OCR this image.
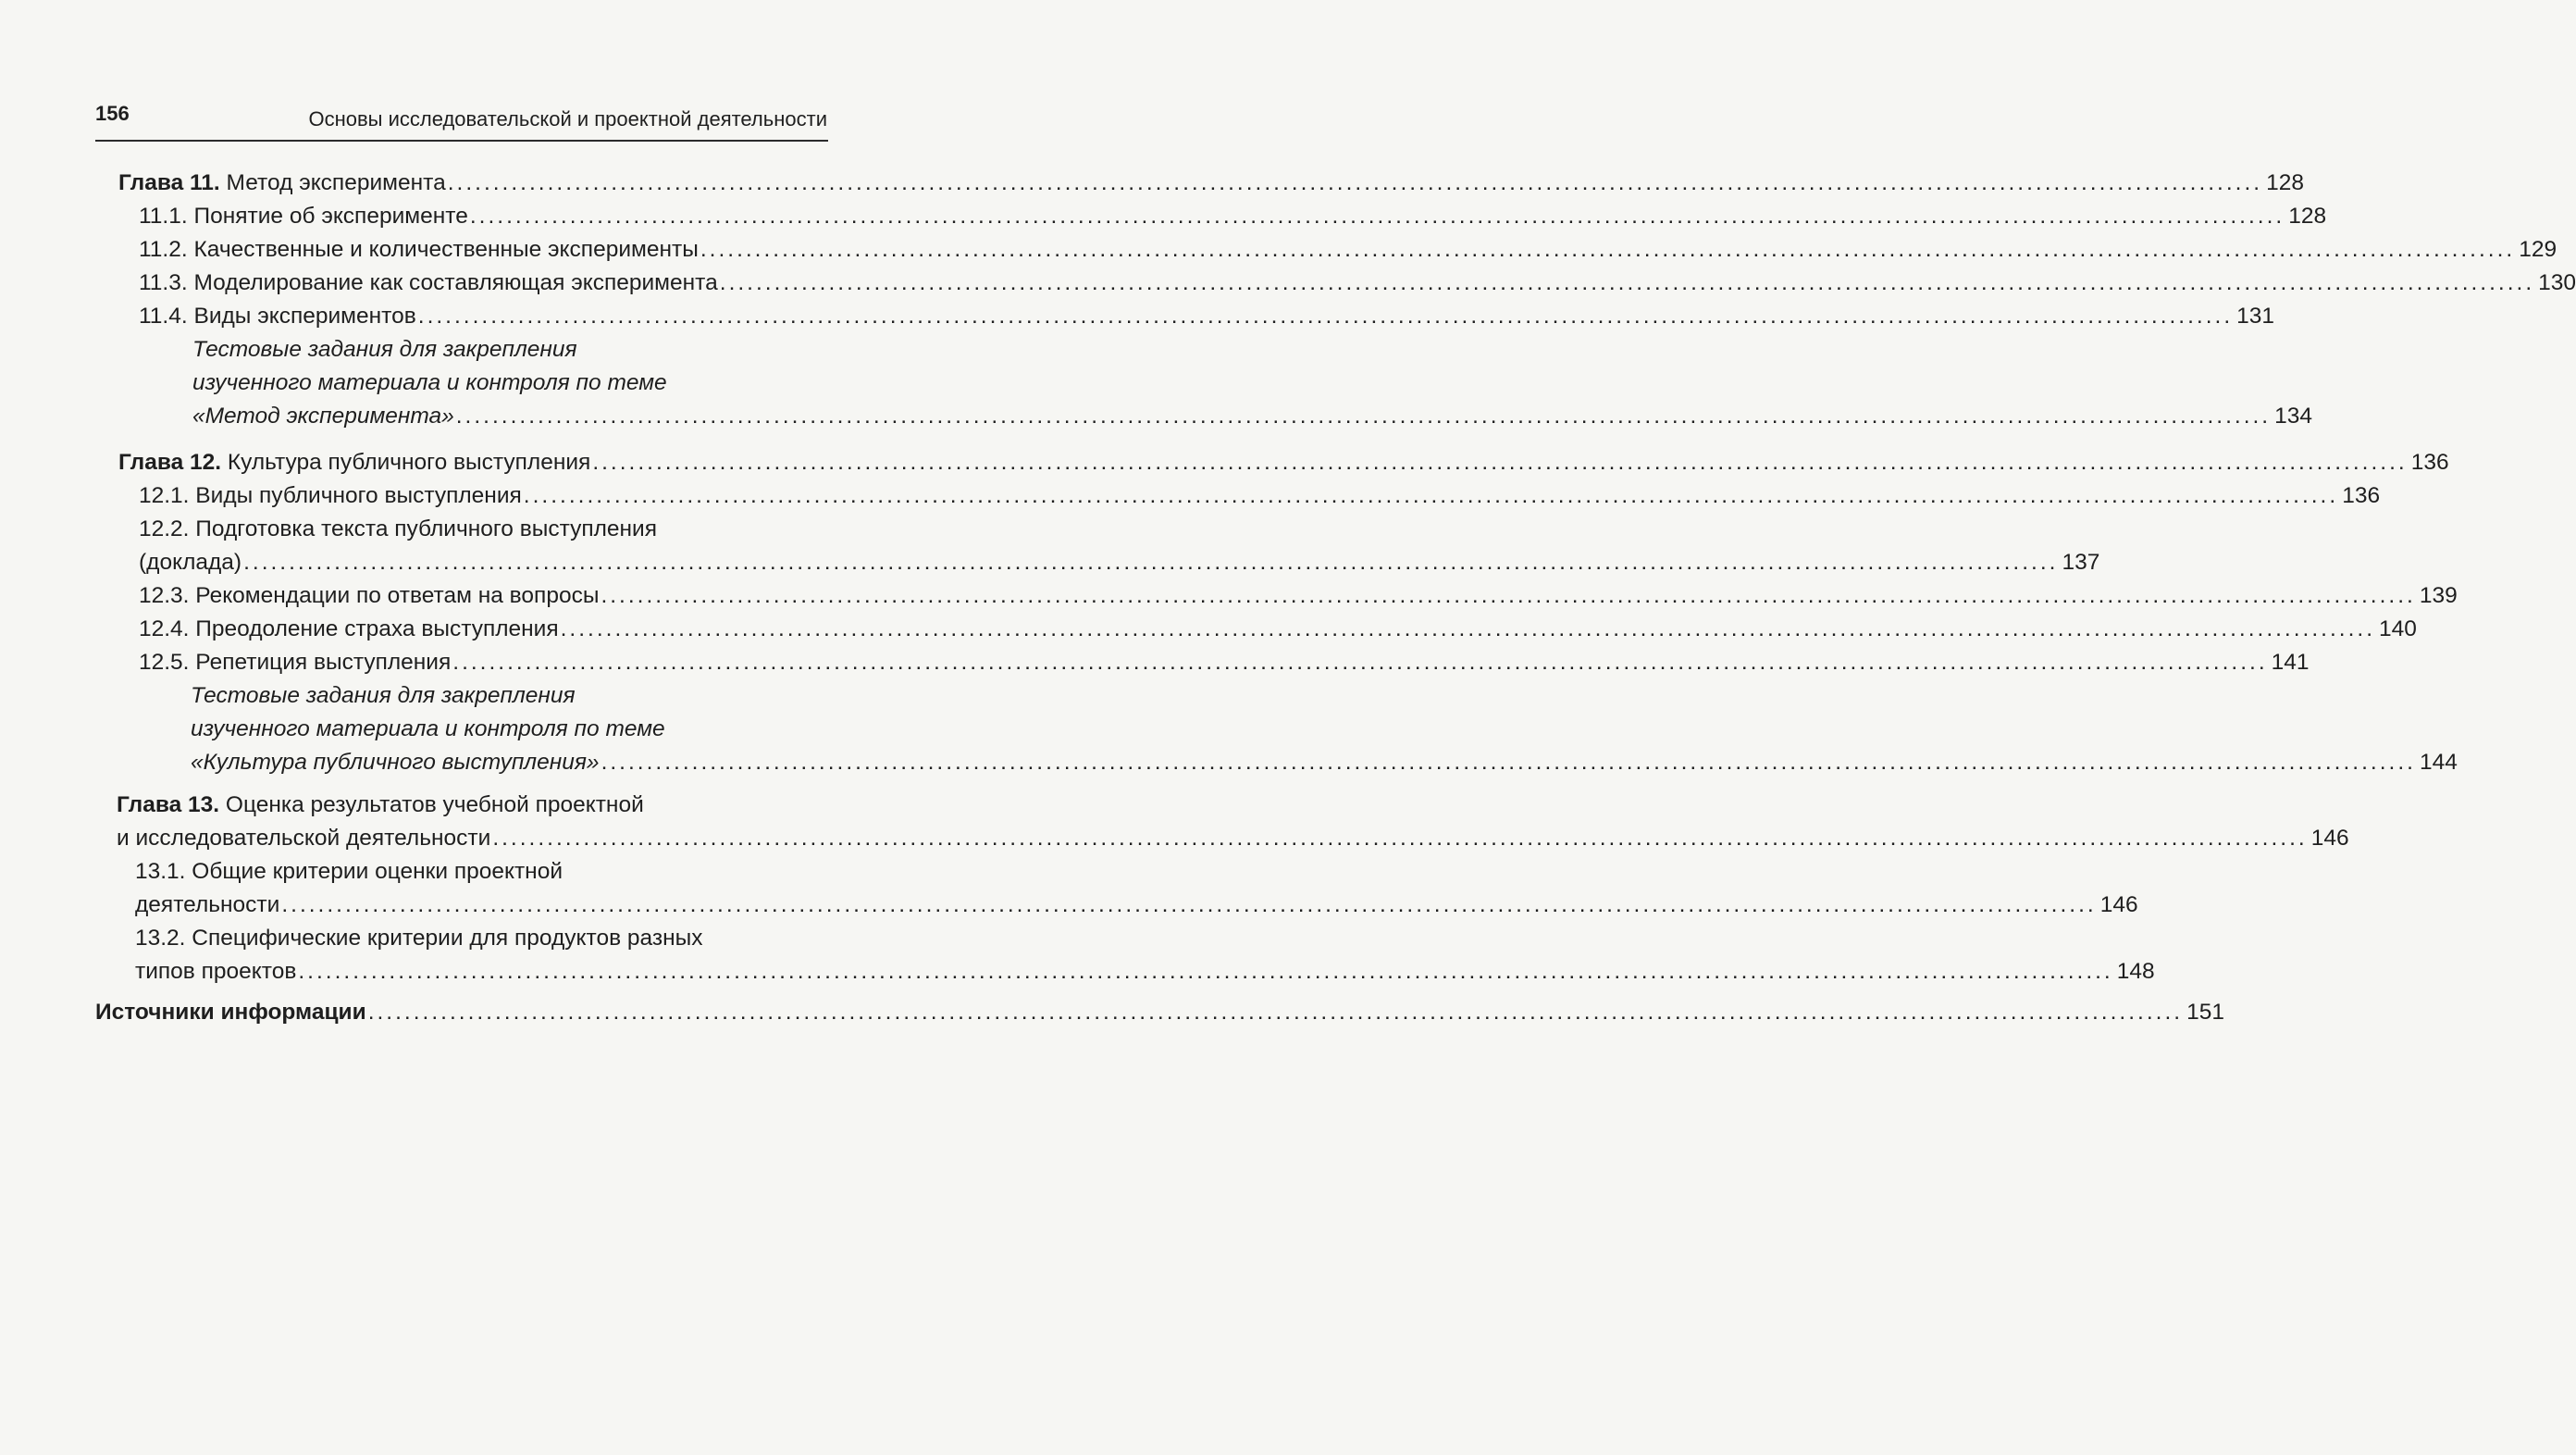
156	Основы исследовательской и проектной деятельности
Глава 11. Метод эксперимента ........................................................................................................................................................................................................ 128
11.1. Понятие об эксперименте ........................................................................................................................................................................................................ 128
11.2. Качественные и количественные эксперименты ........................................................................................................................................................................................................ 129
11.3. Моделирование как составляющая эксперимента ........................................................................................................................................................................................................ 130
11.4. Виды экспериментов ........................................................................................................................................................................................................ 131
Тестовые задания для закрепления
изученного материала и контроля по теме
«Метод эксперимента» ........................................................................................................................................................................................................ 134
Глава 12. Культура публичного выступления ........................................................................................................................................................................................................ 136
12.1. Виды публичного выступления ........................................................................................................................................................................................................ 136
12.2. Подготовка текста публичного выступления
(доклада) ........................................................................................................................................................................................................ 137
12.3. Рекомендации по ответам на вопросы ........................................................................................................................................................................................................ 139
12.4. Преодоление страха выступления ........................................................................................................................................................................................................ 140
12.5. Репетиция выступления ........................................................................................................................................................................................................ 141
Тестовые задания для закрепления
изученного материала и контроля по теме
«Культура публичного выступления» ........................................................................................................................................................................................................ 144
Глава 13. Оценка результатов учебной проектной
и исследовательской деятельности ........................................................................................................................................................................................................ 146
13.1. Общие критерии оценки проектной
деятельности ........................................................................................................................................................................................................ 146
13.2. Специфические критерии для продуктов разных
типов проектов ........................................................................................................................................................................................................ 148
Источники информации ........................................................................................................................................................................................................ 151
